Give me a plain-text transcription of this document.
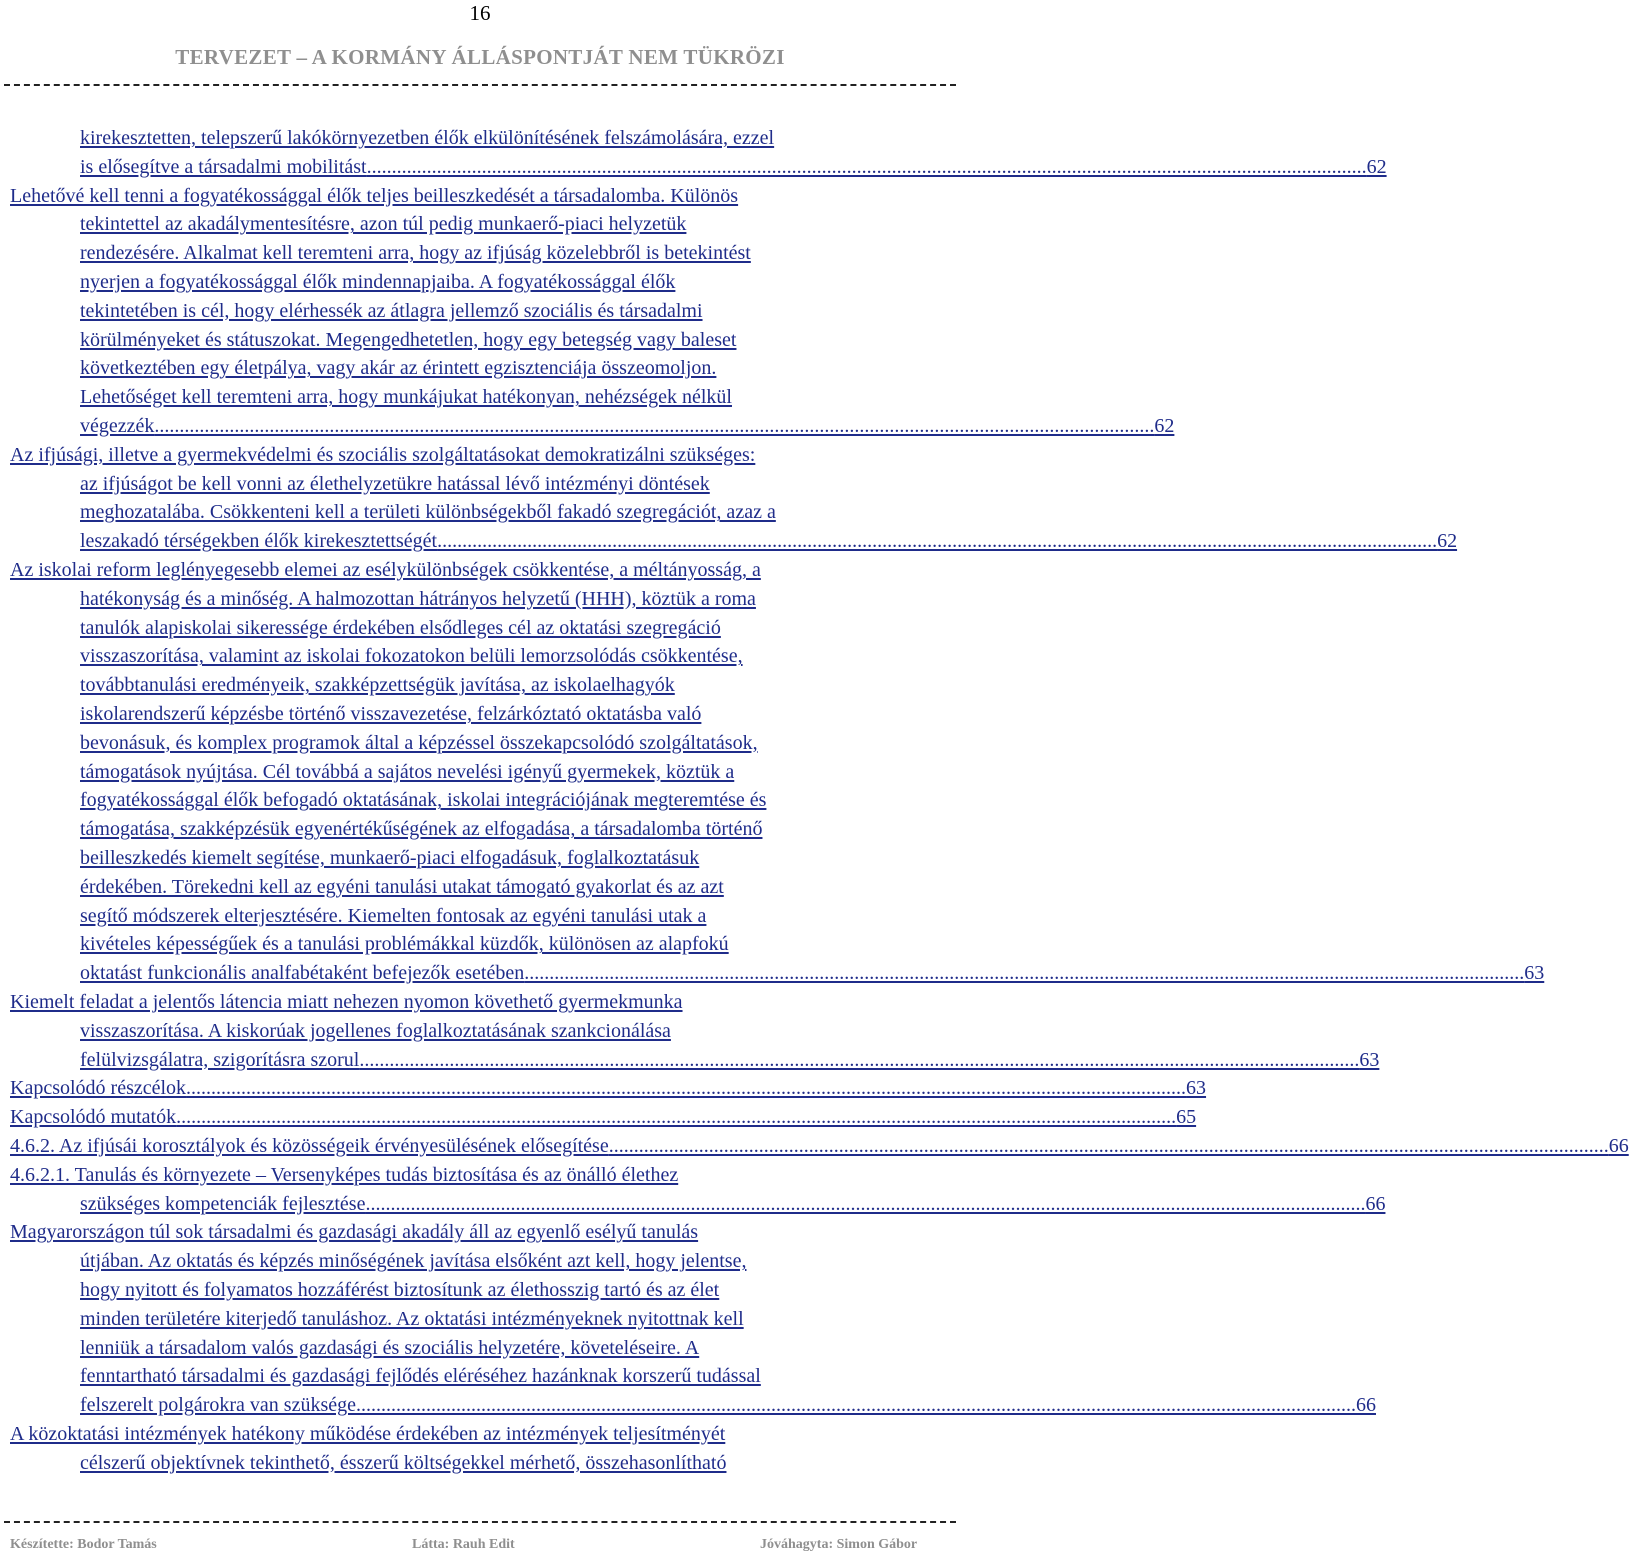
16
TERVEZET – A KORMÁNY ÁLLÁSPONTJÁT NEM TÜKRÖZI
kirekesztetten, telepszerű lakókörnyezetben élők elkülönítésének felszámolására, ezzel
is elősegítve a társadalmi mobilitást ........................................................................................................................................................................................................ 62
Lehetővé kell tenni a fogyatékossággal élők teljes beilleszkedését a társadalomba. Különös
tekintettel az akadálymentesítésre, azon túl pedig munkaerő-piaci helyzetük
rendezésére. Alkalmat kell teremteni arra, hogy az ifjúság közelebbről is betekintést
nyerjen a fogyatékossággal élők mindennapjaiba. A fogyatékossággal élők
tekintetében is cél, hogy elérhessék az átlagra jellemző szociális és társadalmi
körülményeket és státuszokat. Megengedhetetlen, hogy egy betegség vagy baleset
következtében egy életpálya, vagy akár az érintett egzisztenciája összeomoljon.
Lehetőséget kell teremteni arra, hogy munkájukat hatékonyan, nehézségek nélkül
végezzék ........................................................................................................................................................................................................ 62
Az ifjúsági, illetve a gyermekvédelmi és szociális szolgáltatásokat demokratizálni szükséges:
az ifjúságot be kell vonni az élethelyzetükre hatással lévő intézményi döntések
meghozatalába. Csökkenteni kell a területi különbségekből fakadó szegregációt, azaz a
leszakadó térségekben élők kirekesztettségét ........................................................................................................................................................................................................ 62
Az iskolai reform leglényegesebb elemei az esélykülönbségek csökkentése, a méltányosság, a
hatékonyság és a minőség. A halmozottan hátrányos helyzetű (HHH), köztük a roma
tanulók alapiskolai sikeressége érdekében elsődleges cél az oktatási szegregáció
visszaszorítása, valamint az iskolai fokozatokon belüli lemorzsolódás csökkentése,
továbbtanulási eredményeik, szakképzettségük javítása, az iskolaelhagyók
iskolarendszerű képzésbe történő visszavezetése, felzárkóztató oktatásba való
bevonásuk, és komplex programok által a képzéssel összekapcsolódó szolgáltatások,
támogatások nyújtása. Cél továbbá a sajátos nevelési igényű gyermekek, köztük a
fogyatékossággal élők befogadó oktatásának, iskolai integrációjának megteremtése és
támogatása, szakképzésük egyenértékűségének az elfogadása, a társadalomba történő
beilleszkedés kiemelt segítése, munkaerő-piaci elfogadásuk, foglalkoztatásuk
érdekében. Törekedni kell az egyéni tanulási utakat támogató gyakorlat és az azt
segítő módszerek elterjesztésére. Kiemelten fontosak az egyéni tanulási utak a
kivételes képességűek és a tanulási problémákkal küzdők, különösen az alapfokú
oktatást funkcionális analfabétaként befejezők esetében ........................................................................................................................................................................................................ 63
Kiemelt feladat a jelentős látencia miatt nehezen nyomon követhető gyermekmunka
visszaszorítása. A kiskorúak jogellenes foglalkoztatásának szankcionálása
felülvizsgálatra, szigorításra szorul ........................................................................................................................................................................................................ 63
Kapcsolódó részcélok ........................................................................................................................................................................................................ 63
Kapcsolódó mutatók ........................................................................................................................................................................................................ 65
4.6.2. Az ifjúsái korosztályok és közösségeik érvényesülésének elősegítése ........................................................................................................................................................................................................ 66
4.6.2.1. Tanulás és környezete – Versenyképes tudás biztosítása és az önálló élethez
szükséges kompetenciák fejlesztése ........................................................................................................................................................................................................ 66
Magyarországon túl sok társadalmi és gazdasági akadály áll az egyenlő esélyű tanulás
útjában. Az oktatás és képzés minőségének javítása elsőként azt kell, hogy jelentse,
hogy nyitott és folyamatos hozzáférést biztosítunk az élethosszig tartó és az élet
minden területére kiterjedő tanuláshoz. Az oktatási intézményeknek nyitottnak kell
lenniük a társadalom valós gazdasági és szociális helyzetére, követeléseire. A
fenntartható társadalmi és gazdasági fejlődés eléréséhez hazánknak korszerű tudással
felszerelt polgárokra van szüksége ........................................................................................................................................................................................................ 66
A közoktatási intézmények hatékony működése érdekében az intézmények teljesítményét
célszerű objektívnek tekinthető, ésszerű költségekkel mérhető, összehasonlítható
Készítette: Bodor Tamás	Látta: Rauh Edit	Jóváhagyta: Simon Gábor
